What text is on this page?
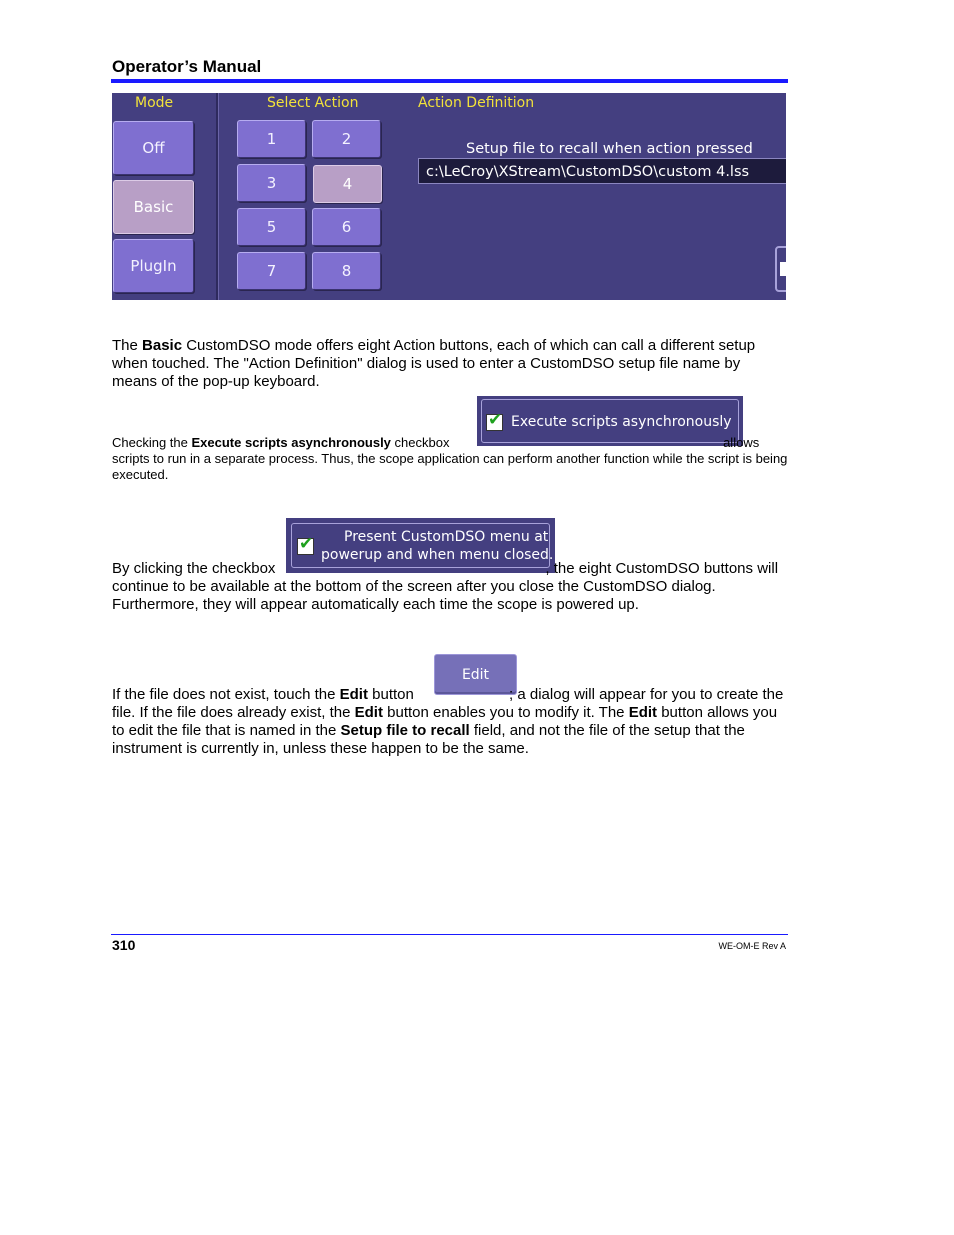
Operator’s Manual
Mode	Select Action	Action Definition
Off
Basic
PlugIn
1	2
3	4
5	6
7	8
Setup file to recall when action pressed
c:\LeCroy\XStream\CustomDSO\custom 4.lss
The Basic CustomDSO mode offers eight Action buttons, each of which can call a different setup when touched. The "Action Definition" dialog is used to enter a CustomDSO setup file name by means of the pop-up keyboard.
✔ Execute scripts asynchronously
Checking the Execute scripts asynchronously checkbox	allows scripts to run in a separate process. Thus, the scope application can perform another function while the script is being executed.
✔ Present CustomDSO menu at
powerup and when menu closed.
By clicking the checkbox	, the eight CustomDSO buttons will continue to be available at the bottom of the screen after you close the CustomDSO dialog. Furthermore, they will appear automatically each time the scope is powered up.
Edit
If the file does not exist, touch the Edit button	; a dialog will appear for you to create the file. If the file does already exist, the Edit button enables you to modify it. The Edit button allows you to edit the file that is named in the Setup file to recall field, and not the file of the setup that the instrument is currently in, unless these happen to be the same.
310	WE-OM-E Rev A
